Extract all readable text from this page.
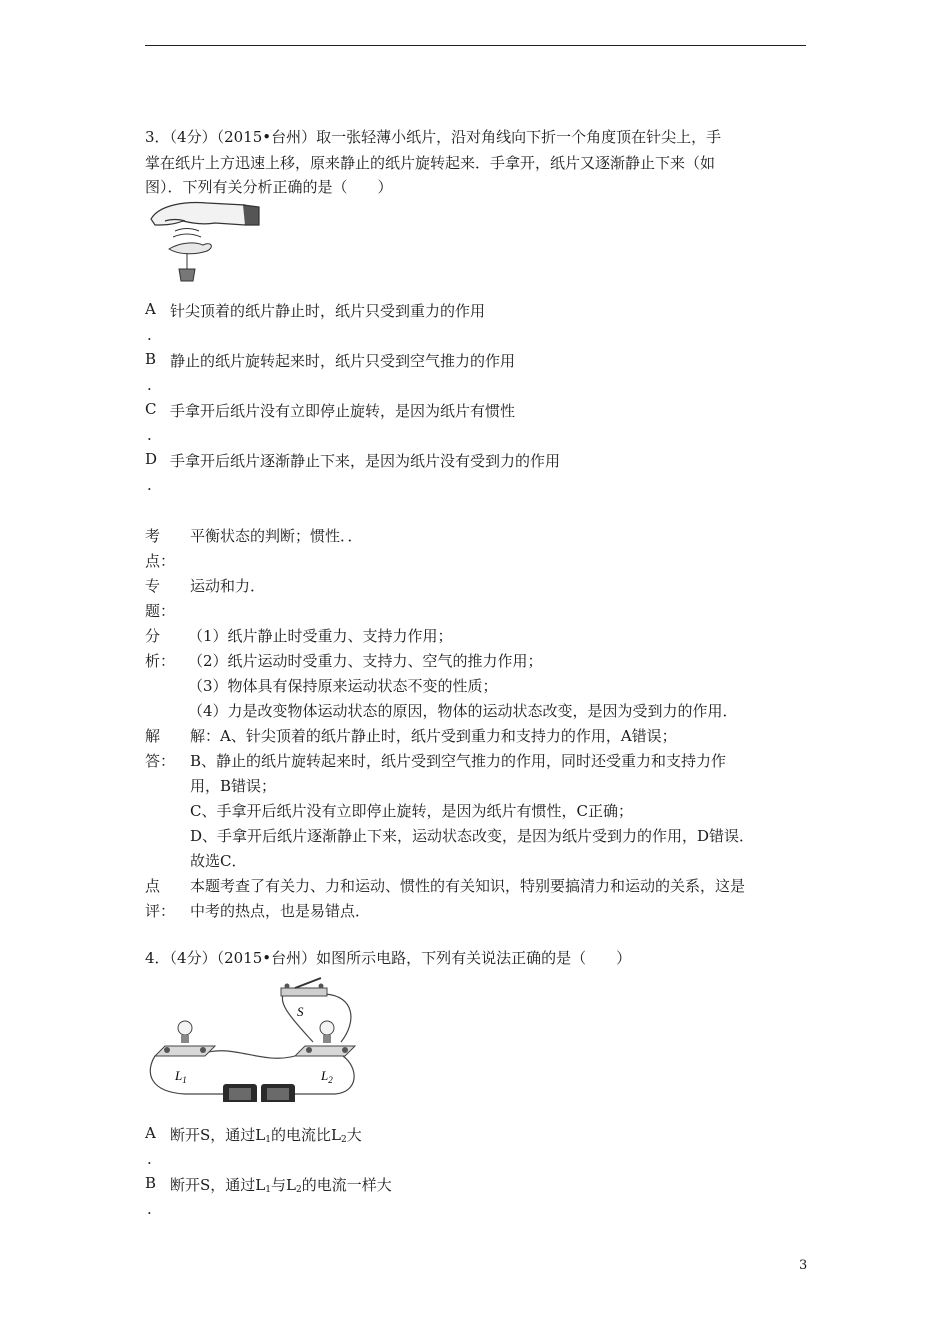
3．（4分）（2015•台州）取一张轻薄小纸片，沿对角线向下折一个角度顶在针尖上，手
掌在纸片上方迅速上移，原来静止的纸片旋转起来．手拿开，纸片又逐渐静止下来（如
图）．下列有关分析正确的是（　　）
A 针尖顶着的纸片静止时，纸片只受到重力的作用
.
B 静止的纸片旋转起来时，纸片只受到空气推力的作用
.
C 手拿开后纸片没有立即停止旋转，是因为纸片有惯性
.
D 手拿开后纸片逐渐静止下来，是因为纸片没有受到力的作用
.
考
点：
平衡状态的判断；惯性．．
专
题：
运动和力．
分
析：
（1）纸片静止时受重力、支持力作用；
（2）纸片运动时受重力、支持力、空气的推力作用；
（3）物体具有保持原来运动状态不变的性质；
（4）力是改变物体运动状态的原因，物体的运动状态改变，是因为受到力的作用．
解
答：
解：A、针尖顶着的纸片静止时，纸片受到重力和支持力的作用，A错误；
B、静止的纸片旋转起来时，纸片受到空气推力的作用，同时还受重力和支持力作
用，B错误；
C、手拿开后纸片没有立即停止旋转，是因为纸片有惯性，C正确；
D、手拿开后纸片逐渐静止下来，运动状态改变，是因为纸片受到力的作用，D错误．
故选C．
点
评：
本题考查了有关力、力和运动、惯性的有关知识，特别要搞清力和运动的关系，这是
中考的热点，也是易错点．
4．（4分）（2015•台州）如图所示电路，下列有关说法正确的是（　　）
S
$L_1$	$L_2$
A 断开S，通过$L_1$的电流比$L_2$大
.
B 断开S，通过$L_1$与$L_2$的电流一样大
.
3
